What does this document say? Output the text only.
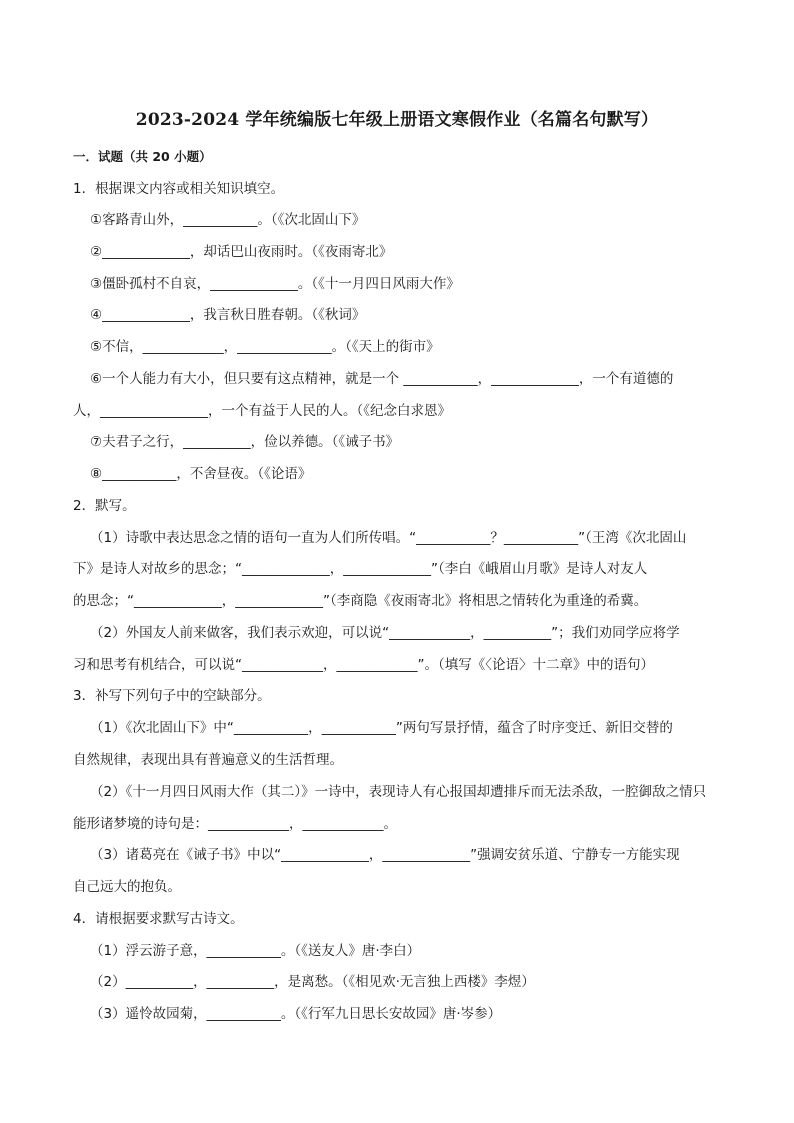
2023-2024 学年统编版七年级上册语文寒假作业（名篇名句默写）
一．试题（共 20 小题）
1．根据课文内容或相关知识填空。
①客路青山外，___________。（《次北固山下》
②_____________，却话巴山夜雨时。（《夜雨寄北》
③僵卧孤村不自哀，_____________。（《十一月四日风雨大作》
④_____________，我言秋日胜春朝。（《秋词》
⑤不信，____________，______________。（《天上的街市》
⑥一个人能力有大小，但只要有这点精神，就是一个 ___________，_____________，一个有道德的
人，________________，一个有益于人民的人。（《纪念白求恩》
⑦夫君子之行，__________，俭以养德。（《诫子书》
⑧___________，不舍昼夜。（《论语》
2．默写。
（1）诗歌中表达思念之情的语句一直为人们所传唱。“___________？___________”（王湾《次北固山
下》是诗人对故乡的思念；“_____________，_____________”（李白《峨眉山月歌》是诗人对友人
的思念；“_____________，_____________”（李商隐《夜雨寄北》将相思之情转化为重逢的希冀。
（2）外国友人前来做客，我们表示欢迎，可以说“____________，__________”；我们劝同学应将学
习和思考有机结合，可以说“____________，____________”。（填写《〈论语〉十二章》中的语句）
3．补写下列句子中的空缺部分。
（1）《次北固山下》中“___________，___________”两句写景抒情，蕴含了时序变迁、新旧交替的
自然规律，表现出具有普遍意义的生活哲理。
（2）《十一月四日风雨大作（其二）》一诗中，表现诗人有心报国却遭排斥而无法杀敌，一腔御敌之情只
能形诸梦境的诗句是：____________，____________。
（3）诸葛亮在《诫子书》中以“_____________，_____________”强调安贫乐道、宁静专一方能实现
自己远大的抱负。
4．请根据要求默写古诗文。
（1）浮云游子意，___________。（《送友人》唐·李白）
（2）__________，__________，是离愁。（《相见欢·无言独上西楼》李煜）
（3）遥怜故园菊，___________。（《行军九日思长安故园》唐·岑参）
